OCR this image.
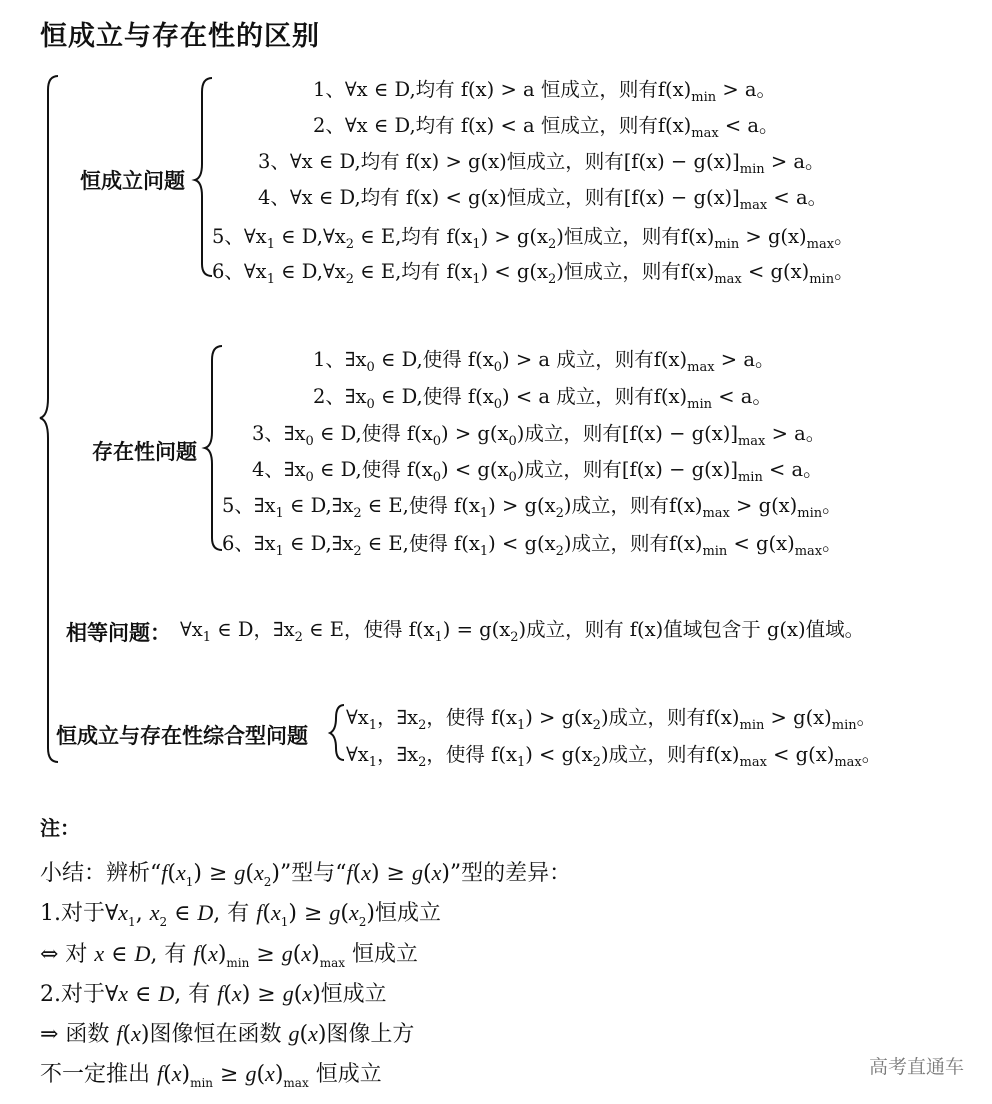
恒成立与存在性的区别
恒成立问题
1、∀x ∈ D,均有 f(x) > a 恒成立，则有$f(x)_{min} > a$。
2、∀x ∈ D,均有 f(x) < a 恒成立，则有$f(x)_{max} < a$。
3、∀x ∈ D,均有 f(x) > g(x)恒成立，则有$[f(x) - g(x)]_{min} > a$。
4、∀x ∈ D,均有 f(x) < g(x)恒成立，则有$[f(x) - g(x)]_{max} < a$。
5、$\forall x_1$ ∈ $D,\forall x_2$ ∈ E,均有 $f(x_1) > g(x_2)$恒成立，则有$f(x)_{min} > g(x)_{max}$。
6、$\forall x_1$ ∈ $D,\forall x_2$ ∈ E,均有 $f(x_1) < g(x_2)$恒成立，则有$f(x)_{max} < g(x)_{min}$。
存在性问题
1、$\exists x_0$ ∈ D,使得 $f(x_0) > a$ 成立，则有$f(x)_{max} > a$。
2、$\exists x_0$ ∈ D,使得 $f(x_0) < a$ 成立，则有$f(x)_{min} < a$。
3、$\exists x_0$ ∈ D,使得 $f(x_0) > g(x_0)$成立，则有$[f(x) - g(x)]_{max} > a$。
4、$\exists x_0$ ∈ D,使得 $f(x_0) < g(x_0)$成立，则有$[f(x) - g(x)]_{min} < a$。
5、$\exists x_1$ ∈ $D,\exists x_2$ ∈ E,使得 $f(x_1) > g(x_2)$成立，则有$f(x)_{max} > g(x)_{min}$。
6、$\exists x_1$ ∈ $D,\exists x_2$ ∈ E,使得 $f(x_1) < g(x_2)$成立，则有$f(x)_{min} < g(x)_{max}$。
相等问题： $\forall x_1$ ∈ D，$\exists x_2$ ∈ E，使得 $f(x_1) = g(x_2)$成立，则有 f(x)值域包含于 g(x)值域。
恒成立与存在性综合型问题
$\forall x_1$，$\exists x_2$，使得 $f(x_1) > g(x_2)$成立，则有$f(x)_{min} > g(x)_{min}$。
$\forall x_1$，$\exists x_2$，使得 $f(x_1) < g(x_2)$成立，则有$f(x)_{max} < g(x)_{max}$。
注：
小结：辨析“$f(x_1) \ge g(x_2)$”型与“f(x) ≥ g(x)”型的差异：
1.对于$\forall x_1$, $x_2$ ∈ D, 有 $f(x_1) \ge g(x_2)$恒成立
⇔ 对 x ∈ D, 有 $f(x)_{min} \ge g(x)_{max}$ 恒成立
2.对于∀x ∈ D, 有 f(x) ≥ g(x)恒成立
⇒ 函数 f(x)图像恒在函数 g(x)图像上方
不一定推出 $f(x)_{min} \ge g(x)_{max}$ 恒成立	高考直通车
